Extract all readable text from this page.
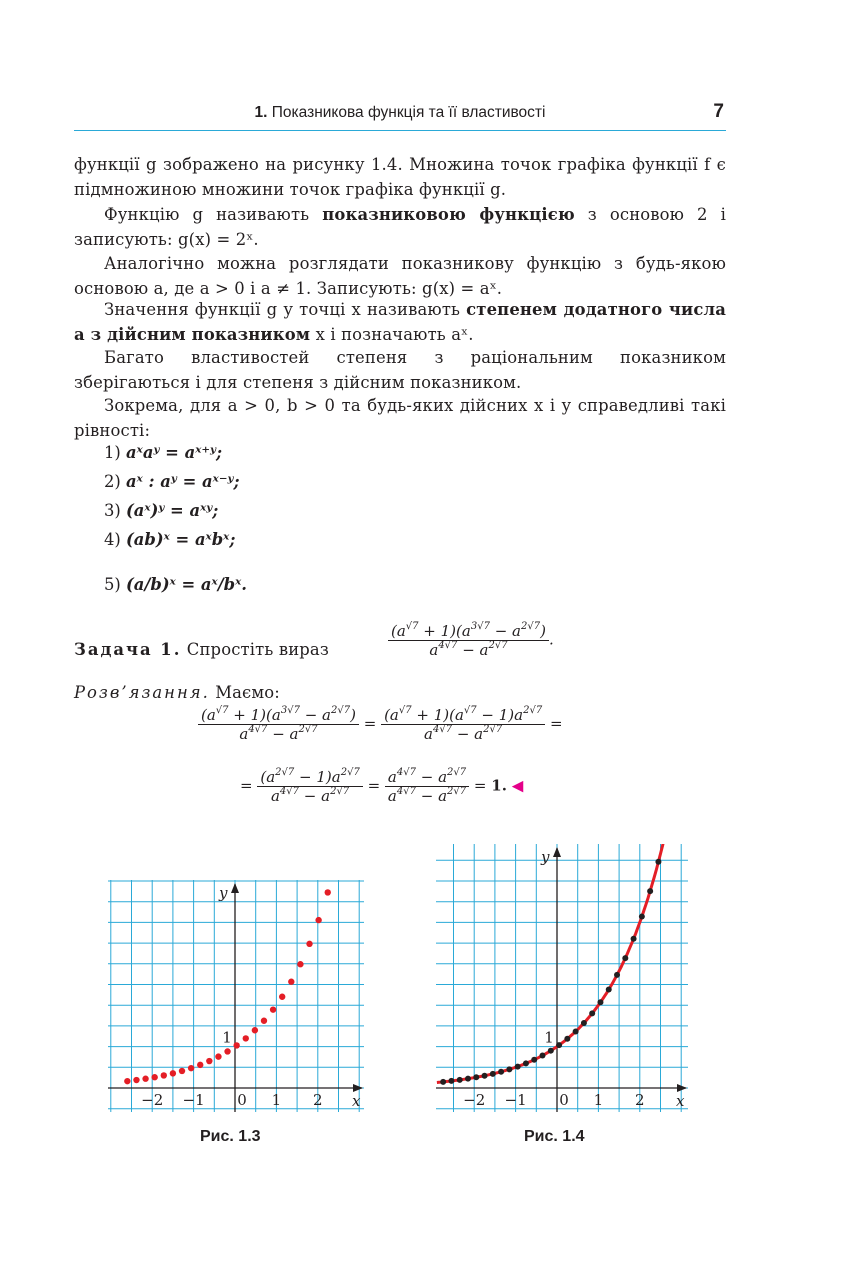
1. Показникова функція та її властивості	7
функції g зображено на рисунку 1.4. Множина точок графіка функції f є підмножиною множини точок графіка функції g.
Функцію g називають показниковою функцією з основою 2 і записують: g(x) = 2ˣ.
Аналогічно можна розглядати показникову функцію з будь-якою основою a, де a > 0 і a ≠ 1. Записують: g(x) = aˣ.
Значення функції g у точці x називають степенем додатного числа a з дійсним показником x і позначають aˣ.
Багато властивостей степеня з раціональним показником зберігаються і для степеня з дійсним показником.
Зокрема, для a > 0, b > 0 та будь-яких дійсних x і y справедливі такі рівності:
1) aˣaʸ = aˣ⁺ʸ;
2) aˣ : aʸ = aˣ⁻ʸ;
3) (aˣ)ʸ = aˣʸ;
4) (ab)ˣ = aˣbˣ;
5) (a/b)ˣ = aˣ/bˣ.
Задача 1. Спростіть вираз	$\frac{(a^{√7} + 1)(a^{3√7} - a^{2√7})}{a^{4√7} - a^{2√7}}$ .
Розв’язання. Маємо:
$\frac{(a^{√7} + 1)(a^{3√7} - a^{2√7})}{a^{4√7} - a^{2√7}} = \frac{(a^{√7} + 1)(a^{√7} - 1)a^{2√7}}{a^{4√7} - a^{2√7}}$ =
= $\frac{(a^{2√7} - 1)a^{2√7}}{a^{4√7} - a^{2√7}} = \frac{a^{4√7} - a^{2√7}}{a^{4√7} - a^{2√7}} = 1$. ◀
−2 −1 0 1 2
1
x
y
Рис. 1.3
−2 −1 0 1 2
1
x
y
Рис. 1.4
